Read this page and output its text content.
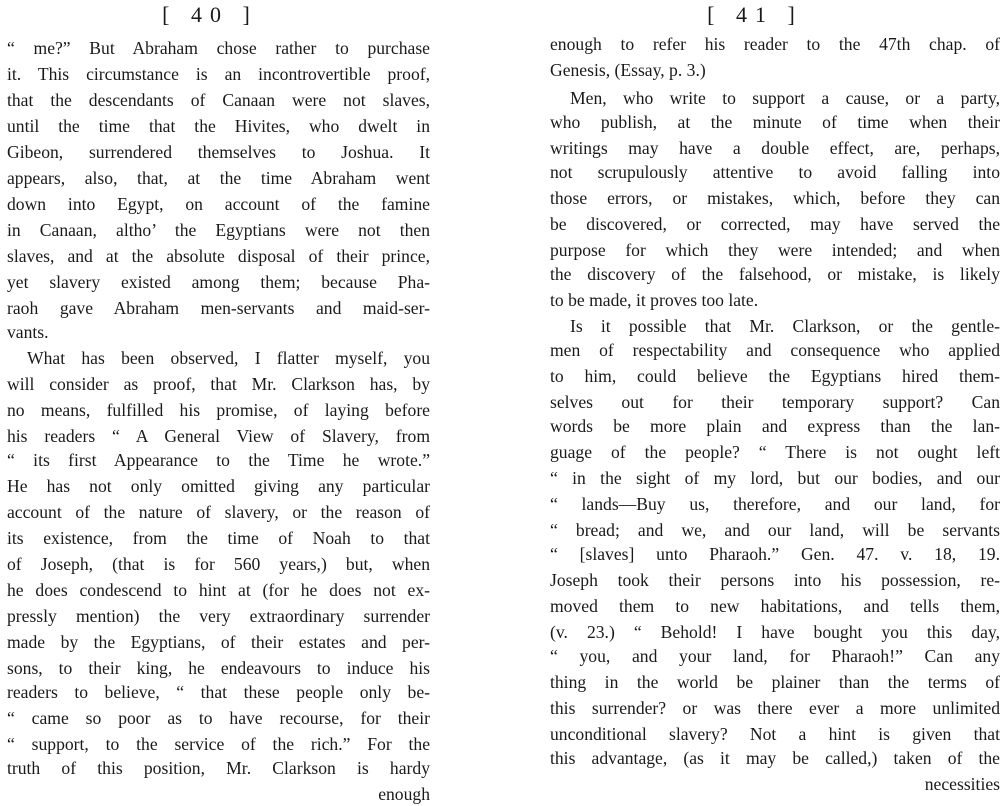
[ 40 ]
“ me?” But Abraham chose rather to purchase
it. This circumstance is an incontrovertible proof,
that the descendants of Canaan were not slaves,
until the time that the Hivites, who dwelt in
Gibeon, surrendered themselves to Joshua. It
appears, also, that, at the time Abraham went
down into Egypt, on account of the famine
in Canaan, altho’ the Egyptians were not then
slaves, and at the absolute disposal of their prince,
yet slavery existed among them; because Pha-
raoh gave Abraham men-servants and maid-ser-
vants.
What has been observed, I flatter myself, you
will consider as proof, that Mr. Clarkson has, by
no means, fulfilled his promise, of laying before
his readers “ A General View of Slavery, from
“ its first Appearance to the Time he wrote.”
He has not only omitted giving any particular
account of the nature of slavery, or the reason of
its existence, from the time of Noah to that
of Joseph, (that is for 560 years,) but, when
he does condescend to hint at (for he does not ex-
pressly mention) the very extraordinary surrender
made by the Egyptians, of their estates and per-
sons, to their king, he endeavours to induce his
readers to believe, “ that these people only be-
“ came so poor as to have recourse, for their
“ support, to the service of the rich.” For the
truth of this position, Mr. Clarkson is hardy
enough
[ 41 ]
enough to refer his reader to the 47th chap. of
Genesis, (Essay, p. 3.)
Men, who write to support a cause, or a party,
who publish, at the minute of time when their
writings may have a double effect, are, perhaps,
not scrupulously attentive to avoid falling into
those errors, or mistakes, which, before they can
be discovered, or corrected, may have served the
purpose for which they were intended; and when
the discovery of the falsehood, or mistake, is likely
to be made, it proves too late.
Is it possible that Mr. Clarkson, or the gentle-
men of respectability and consequence who applied
to him, could believe the Egyptians hired them-
selves out for their temporary support? Can
words be more plain and express than the lan-
guage of the people? “ There is not ought left
“ in the sight of my lord, but our bodies, and our
“ lands—Buy us, therefore, and our land, for
“ bread; and we, and our land, will be servants
“ [slaves] unto Pharaoh.” Gen. 47. v. 18, 19.
Joseph took their persons into his possession, re-
moved them to new habitations, and tells them,
(v. 23.) “ Behold! I have bought you this day,
“ you, and your land, for Pharaoh!” Can any
thing in the world be plainer than the terms of
this surrender? or was there ever a more unlimited
unconditional slavery? Not a hint is given that
this advantage, (as it may be called,) taken of the
necessities
